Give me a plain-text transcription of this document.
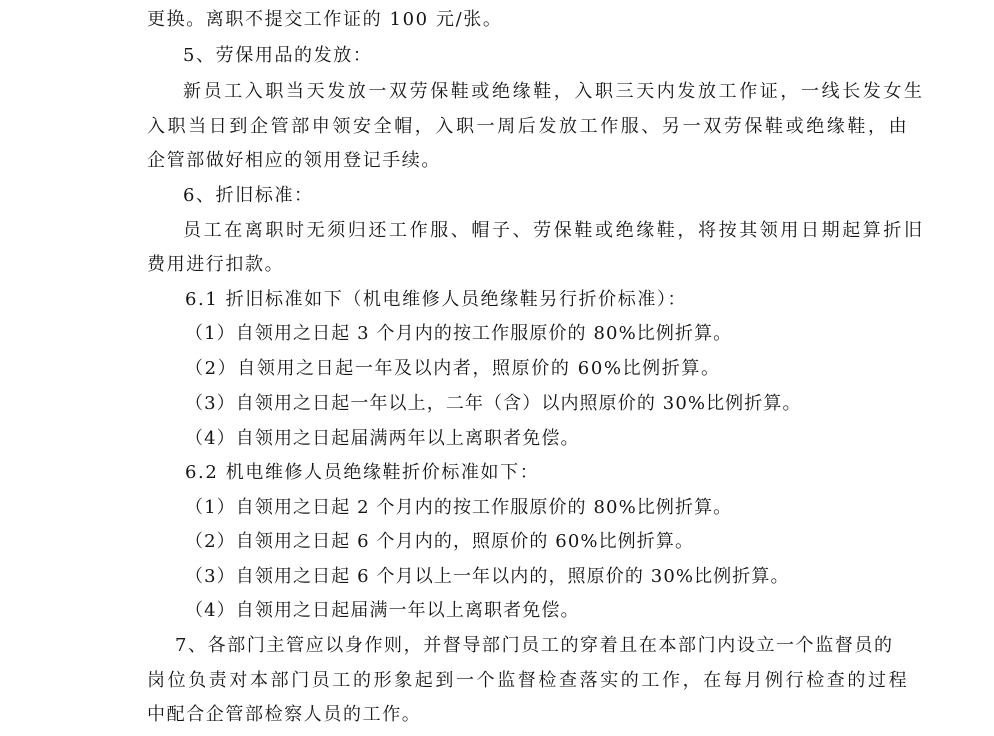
更换。离职不提交工作证的 100 元/张。
5、劳保用品的发放：
新员工入职当天发放一双劳保鞋或绝缘鞋，入职三天内发放工作证，一线长发女生
入职当日到企管部申领安全帽，入职一周后发放工作服、另一双劳保鞋或绝缘鞋，由
企管部做好相应的领用登记手续。
6、折旧标准：
员工在离职时无须归还工作服、帽子、劳保鞋或绝缘鞋，将按其领用日期起算折旧
费用进行扣款。
6.1 折旧标准如下（机电维修人员绝缘鞋另行折价标准）：
（1）自领用之日起 3 个月内的按工作服原价的 80%比例折算。
（2）自领用之日起一年及以内者，照原价的 60%比例折算。
（3）自领用之日起一年以上，二年（含）以内照原价的 30%比例折算。
（4）自领用之日起届满两年以上离职者免偿。
6.2 机电维修人员绝缘鞋折价标准如下：
（1）自领用之日起 2 个月内的按工作服原价的 80%比例折算。
（2）自领用之日起 6 个月内的，照原价的 60%比例折算。
（3）自领用之日起 6 个月以上一年以内的，照原价的 30%比例折算。
（4）自领用之日起届满一年以上离职者免偿。
7、各部门主管应以身作则，并督导部门员工的穿着且在本部门内设立一个监督员的
岗位负责对本部门员工的形象起到一个监督检查落实的工作，在每月例行检查的过程
中配合企管部检察人员的工作。
